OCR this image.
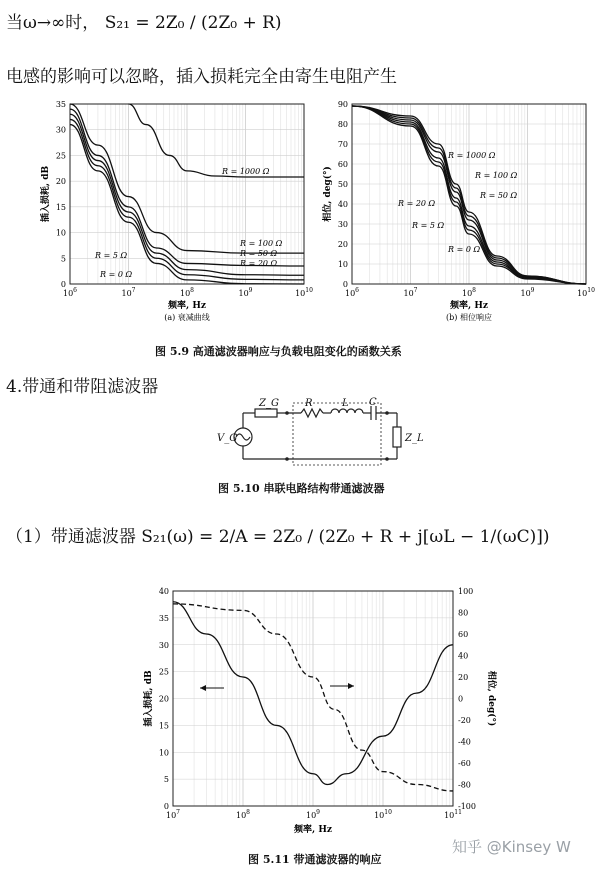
当ω→∞时， S₂₁ = 2Z₀ / (2Z₀ + R)
电感的影响可以忽略，插入损耗完全由寄生电阻产生
0
5
10
15
20
25
30
35
$10^6$	$10^7$	$10^8$	$10^9$	$10^{10}$
R = 0 Ω
R = 5 Ω
R = 20 Ω
R = 50 Ω
R = 100 Ω
R = 1000 Ω
频率, Hz
插入损耗, dB
(a) 衰减曲线
0
10
20
30
40
50
60
70
80
90
$10^6$	$10^7$	$10^8$	$10^9$	$10^{10}$
R = 1000 Ω
R = 100 Ω
R = 50 Ω
R = 20 Ω
R = 5 Ω
R = 0 Ω
频率, Hz
相位, deg(°)
(b) 相位响应
图 5.9 高通滤波器响应与负载电阻变化的函数关系
4.带通和带阻滤波器
Z_G	R	L C
V_G	Z_L
图 5.10 串联电路结构带通滤波器
（1）带通滤波器 S₂₁(ω) = 2/A = 2Z₀ / (2Z₀ + R + j[ωL − 1/(ωC)])
0
5
10
15
20
25
30
35
40
-100
-80
-60
-40
-20
0
20
40
60
80
100
$10^7$	$10^8$	$10^9$	$10^{10}$	$10^{11}$
频率, Hz
插入损耗, dB	相位, deg(°)
图 5.11 带通滤波器的响应
知乎 @Kinsey W
